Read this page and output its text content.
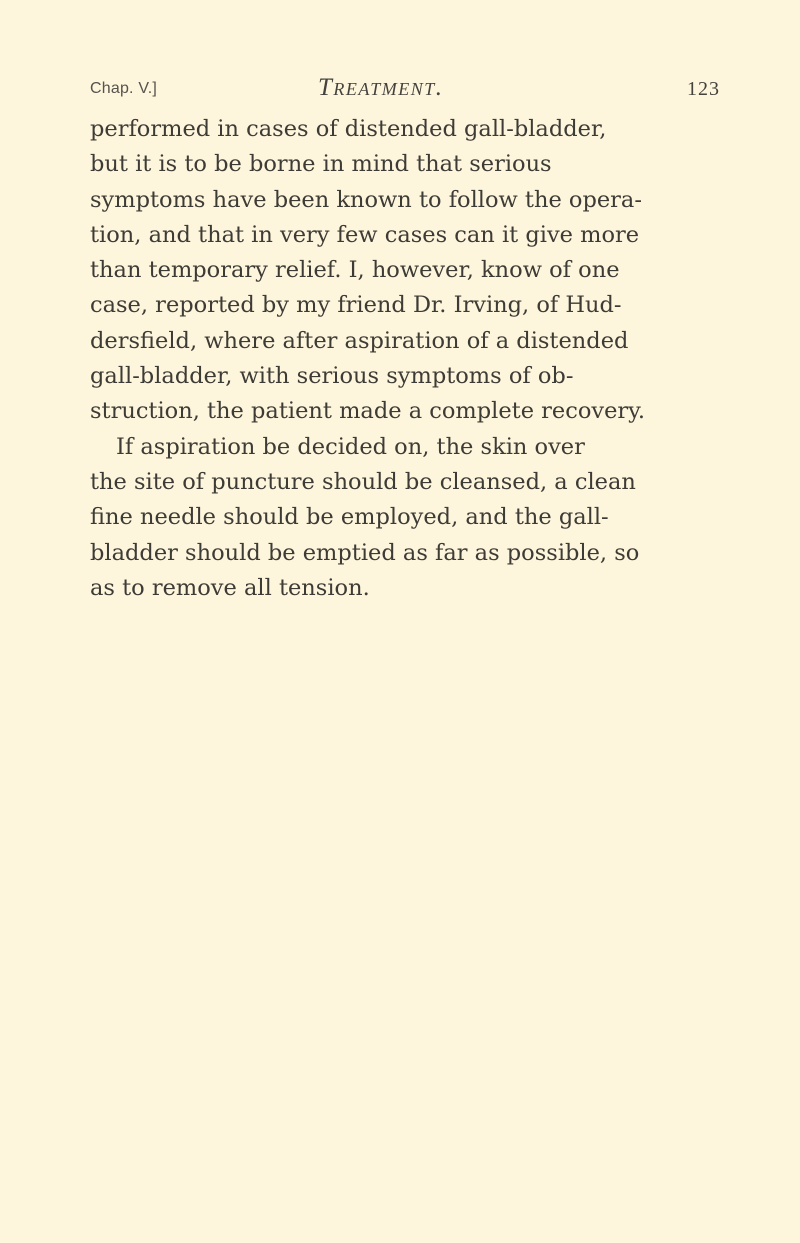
Chap. V.]	Treatment.	123
performed in cases of distended gall-bladder,
but it is to be borne in mind that serious
symptoms have been known to follow the opera-
tion, and that in very few cases can it give more
than temporary relief. I, however, know of one
case, reported by my friend Dr. Irving, of Hud-
dersfield, where after aspiration of a distended
gall-bladder, with serious symptoms of ob-
struction, the patient made a complete recovery.
If aspiration be decided on, the skin over
the site of puncture should be cleansed, a clean
fine needle should be employed, and the gall-
bladder should be emptied as far as possible, so
as to remove all tension.
